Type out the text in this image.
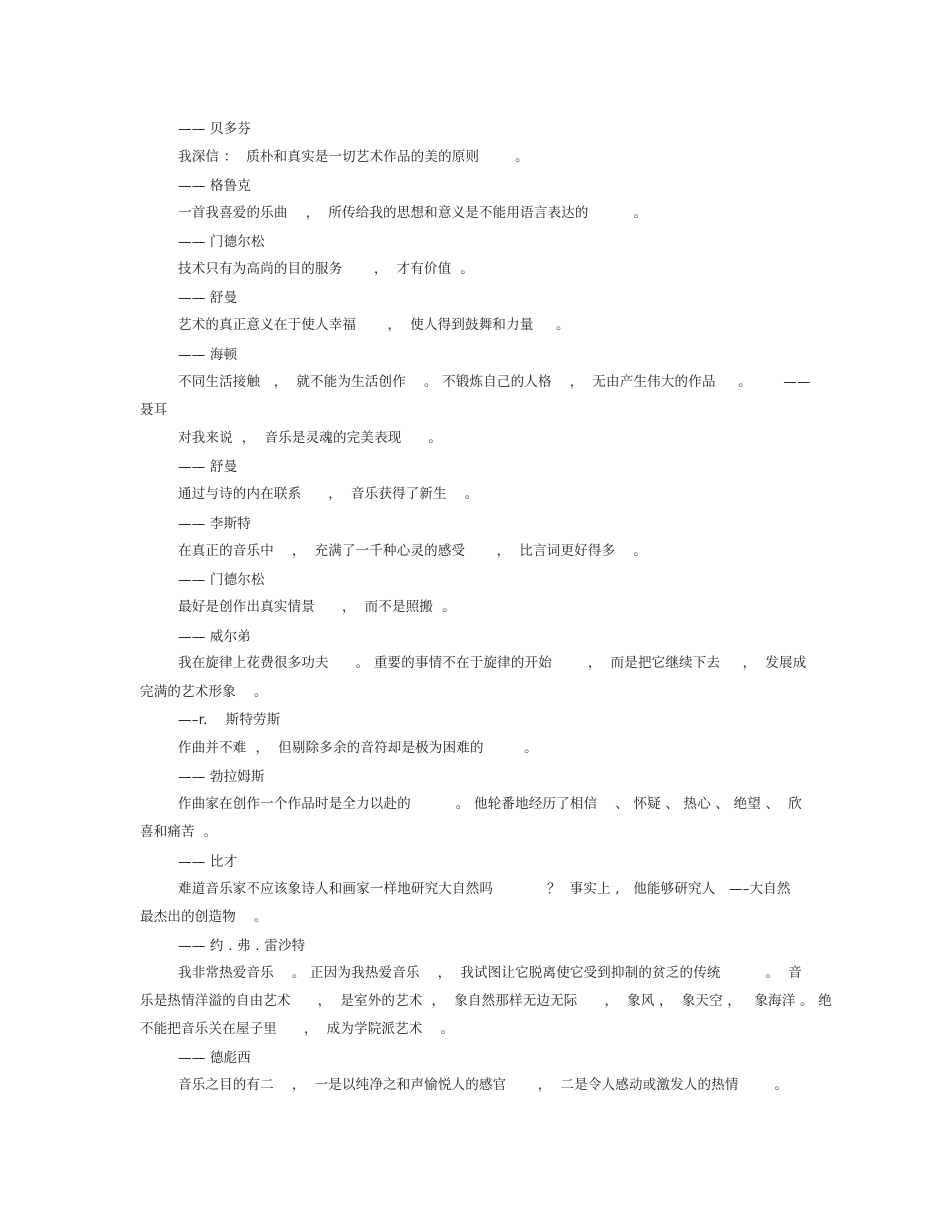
—— 贝多芬
我深信 ：  质朴和真实是一切艺术作品的美的原则        。
—— 格鲁克
一首我喜爱的乐曲    ，  所传给我的思想和意义是不能用语言表达的          。
—— 门德尔松
技术只有为高尚的目的服务       ，  才有价值  。
—— 舒曼
艺术的真正意义在于使人幸福       ，  使人得到鼓舞和力量     。
—— 海顿
不同生活接触   ，  就不能为生活创作    。 不锻炼自己的人格    ，  无由产生伟大的作品     。       ——
聂耳
对我来说  ，  音乐是灵魂的完美表现      。
—— 舒曼
通过与诗的内在联系      ，  音乐获得了新生    。
—— 李斯特
在真正的音乐中    ，  充满了一千种心灵的感受       ，  比言词更好得多    。
—— 门德尔松
最好是创作出真实情景      ，  而不是照搬  。
—— 威尔弟
我在旋律上花费很多功夫      。 重要的事情不在于旋律的开始        ，  而是把它继续下去     ，  发展成
完满的艺术形象    。
—–r.    斯特劳斯
作曲并不难  ，  但剔除多余的音符却是极为困难的         。
—— 勃拉姆斯
作曲家在创作一个作品时是全力以赴的          。 他轮番地经历了相信    、 怀疑 、 热心 、 绝望 、  欣
喜和痛苦  。
—— 比才
难道音乐家不应该象诗人和画家一样地研究大自然吗            ？  事实上 ,   他能够研究人   —–大自然
最杰出的创造物    。
—— 约 . 弗 . 雷沙特
我非常热爱音乐    。 正因为我热爱音乐    ，  我试图让它脱离使它受到抑制的贫乏的传统          。  音
乐是热情洋溢的自由艺术      ，  是室外的艺术  ，  象自然那样无边无际      ，  象风 ，  象天空 ，   象海洋 。 绝
不能把音乐关在屋子里      ，  成为学院派艺术    。
—— 德彪西
音乐之目的有二    ，  一是以纯净之和声愉悦人的感官       ，  二是令人感动或激发人的热情        。
